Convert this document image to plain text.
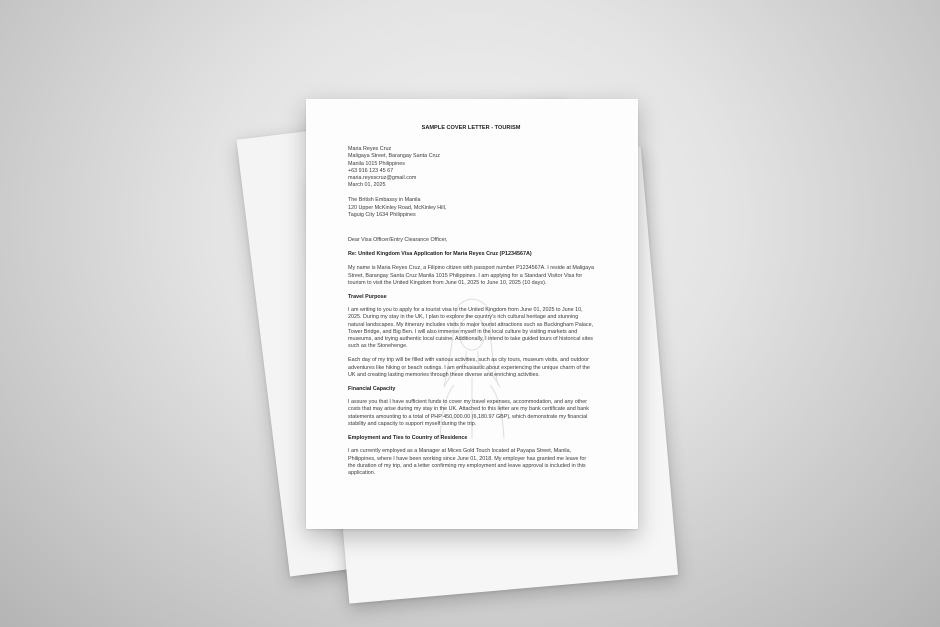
SAMPLE COVER LETTER - TOURISM
Maria Reyes Cruz
Maligaya Street, Barangay Santa Cruz
Manila 1015 Philippines
+63 916 123 45 67
maria.reyescruz@gmail.com
March 01, 2025
The British Embassy in Manila
120 Upper McKinley Road, McKinley Hill,
Taguig City 1634 Philippines
Dear Visa Officer/Entry Clearance Officer,
Re: United Kingdom Visa Application for Maria Reyes Cruz (P1234567A)
My name is Maria Reyes Cruz, a Filipino citizen with passport number P1234567A. I reside at Maligaya Street, Barangay Santa Cruz Manila 1015 Philippines. I am applying for a Standard Visitor Visa for tourism to visit the United Kingdom from June 01, 2025 to June 10, 2025 (10 days).
Travel Purpose
I am writing to you to apply for a tourist visa to the United Kingdom from June 01, 2025 to June 10, 2025. During my stay in the UK, I plan to explore the country's rich cultural heritage and stunning natural landscapes. My itinerary includes visits to major tourist attractions such as Buckingham Palace, Tower Bridge, and Big Ben. I will also immerse myself in the local culture by visiting markets and museums, and trying authentic local cuisine. Additionally, I intend to take guided tours of historical sites such as the Stonehenge.
Each day of my trip will be filled with various activities, such as city tours, museum visits, and outdoor adventures like hiking or beach outings. I am enthusiastic about experiencing the unique charm of the UK and creating lasting memories through these diverse and enriching activities.
Financial Capacity
I assure you that I have sufficient funds to cover my travel expenses, accommodation, and any other costs that may arise during my stay in the UK. Attached to this letter are my bank certificate and bank statements amounting to a total of PHP 450,000.00 (6,180.97 GBP), which demonstrate my financial stability and capacity to support myself during the trip.
Employment and Ties to Country of Residence
I am currently employed as a Manager at Mices Gold Touch located at Payapa Street, Manila, Philippines, where I have been working since June 01, 2018. My employer has granted me leave for the duration of my trip, and a letter confirming my employment and leave approval is included in this application.
